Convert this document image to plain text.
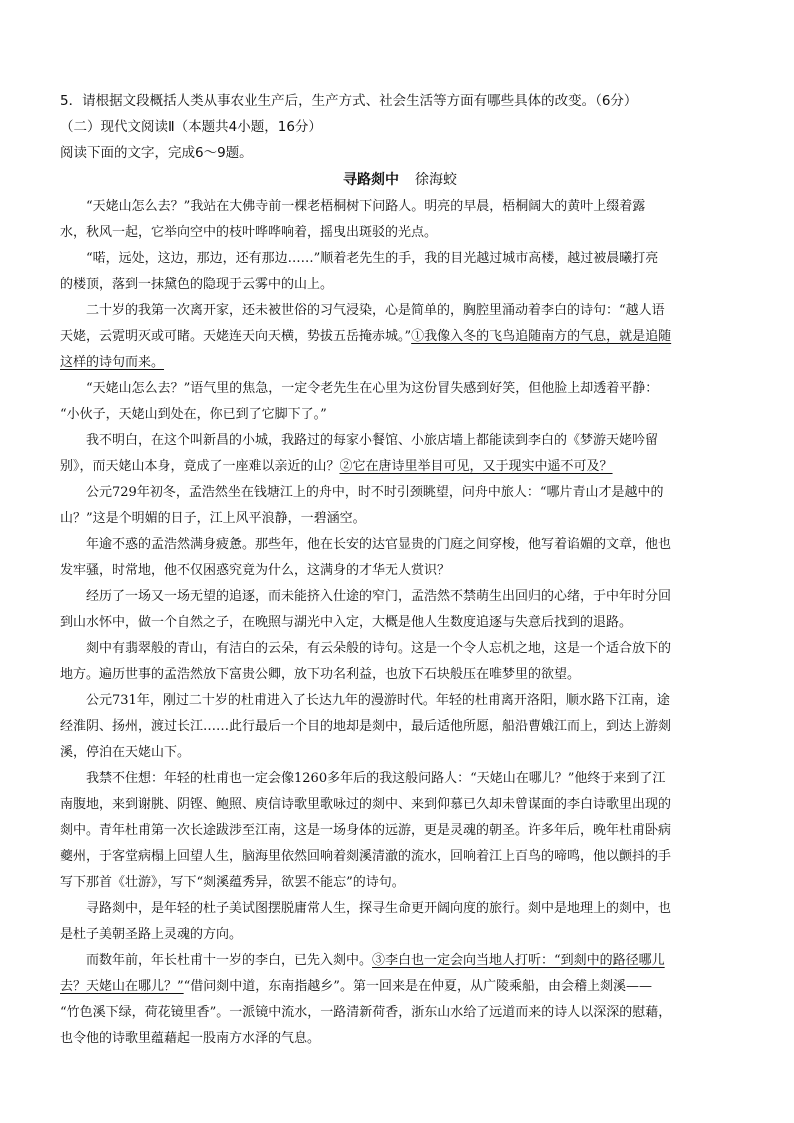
5．请根据文段概括人类从事农业生产后，生产方式、社会生活等方面有哪些具体的改变。（6分）

（二）现代文阅读Ⅱ（本题共4小题，16分）

阅读下面的文字，完成6～9题。

寻路剡中 徐海蛟

“天姥山怎么去？”我站在大佛寺前一棵老梧桐树下问路人。明亮的早晨，梧桐阔大的黄叶上缀着露

水，秋风一起，它举向空中的枝叶哗哗响着，摇曳出斑驳的光点。

“喏，远处，这边，那边，还有那边……”顺着老先生的手，我的目光越过城市高楼，越过被晨曦打亮

的楼顶，落到一抹黛色的隐现于云雾中的山上。

二十岁的我第一次离开家，还未被世俗的习气浸染，心是简单的，胸腔里涌动着李白的诗句：“越人语

天姥，云霓明灭或可睹。天姥连天向天横，势拔五岳掩赤城。”①我像入冬的飞鸟追随南方的气息，就是追随

这样的诗句而来。

“天姥山怎么去？”语气里的焦急，一定令老先生在心里为这份冒失感到好笑，但他脸上却透着平静：

“小伙子，天姥山到处在，你已到了它脚下了。”

我不明白，在这个叫新昌的小城，我路过的每家小餐馆、小旅店墙上都能读到李白的《梦游天姥吟留

别》，而天姥山本身，竟成了一座难以亲近的山？②它在唐诗里举目可见，又于现实中遥不可及？

公元729年初冬，孟浩然坐在钱塘江上的舟中，时不时引颈眺望，问舟中旅人：“哪片青山才是越中的

山？”这是个明媚的日子，江上风平浪静，一碧涵空。

年逾不惑的孟浩然满身疲惫。那些年，他在长安的达官显贵的门庭之间穿梭，他写着谄媚的文章，他也

发牢骚，时常地，他不仅困惑究竟为什么，这满身的才华无人赏识？

经历了一场又一场无望的追逐，而未能挤入仕途的窄门，孟浩然不禁萌生出回归的心绪，于中年时分回

到山水怀中，做一个自然之子，在晚照与湖光中入定，大概是他人生数度追逐与失意后找到的退路。

剡中有翡翠般的青山，有洁白的云朵，有云朵般的诗句。这是一个令人忘机之地，这是一个适合放下的

地方。遍历世事的孟浩然放下富贵公卿，放下功名利益，也放下石块般压在唯梦里的欲望。

公元731年，刚过二十岁的杜甫进入了长达九年的漫游时代。年轻的杜甫离开洛阳，顺水路下江南，途

经淮阴、扬州，渡过长江……此行最后一个目的地却是剡中，最后适他所愿，船沿曹娥江而上，到达上游剡

溪，停泊在天姥山下。

我禁不住想：年轻的杜甫也一定会像1260多年后的我这般问路人：“天姥山在哪儿？”他终于来到了江

南腹地，来到谢朓、阴铿、鲍照、庾信诗歌里歌咏过的剡中、来到仰慕已久却未曾谋面的李白诗歌里出现的

剡中。青年杜甫第一次长途跋涉至江南，这是一场身体的远游，更是灵魂的朝圣。许多年后，晚年杜甫卧病

夔州，于客堂病榻上回望人生，脑海里依然回响着剡溪清澈的流水，回响着江上百鸟的啼鸣，他以颤抖的手

写下那首《壮游》，写下“剡溪蕴秀异，欲罢不能忘”的诗句。

寻路剡中，是年轻的杜子美试图摆脱庸常人生，探寻生命更开阔向度的旅行。剡中是地理上的剡中，也

是杜子美朝圣路上灵魂的方向。

而数年前，年长杜甫十一岁的李白，已先入剡中。③李白也一定会向当地人打听：“到剡中的路径哪儿

去？天姥山在哪儿？”“借问剡中道，东南指越乡”。第一回来是在仲夏，从广陵乘船，由会稽上剡溪——

“竹色溪下绿，荷花镜里香”。一派镜中流水，一路清新荷香，浙东山水给了远道而来的诗人以深深的慰藉，

也令他的诗歌里蕴藉起一股南方水泽的气息。
